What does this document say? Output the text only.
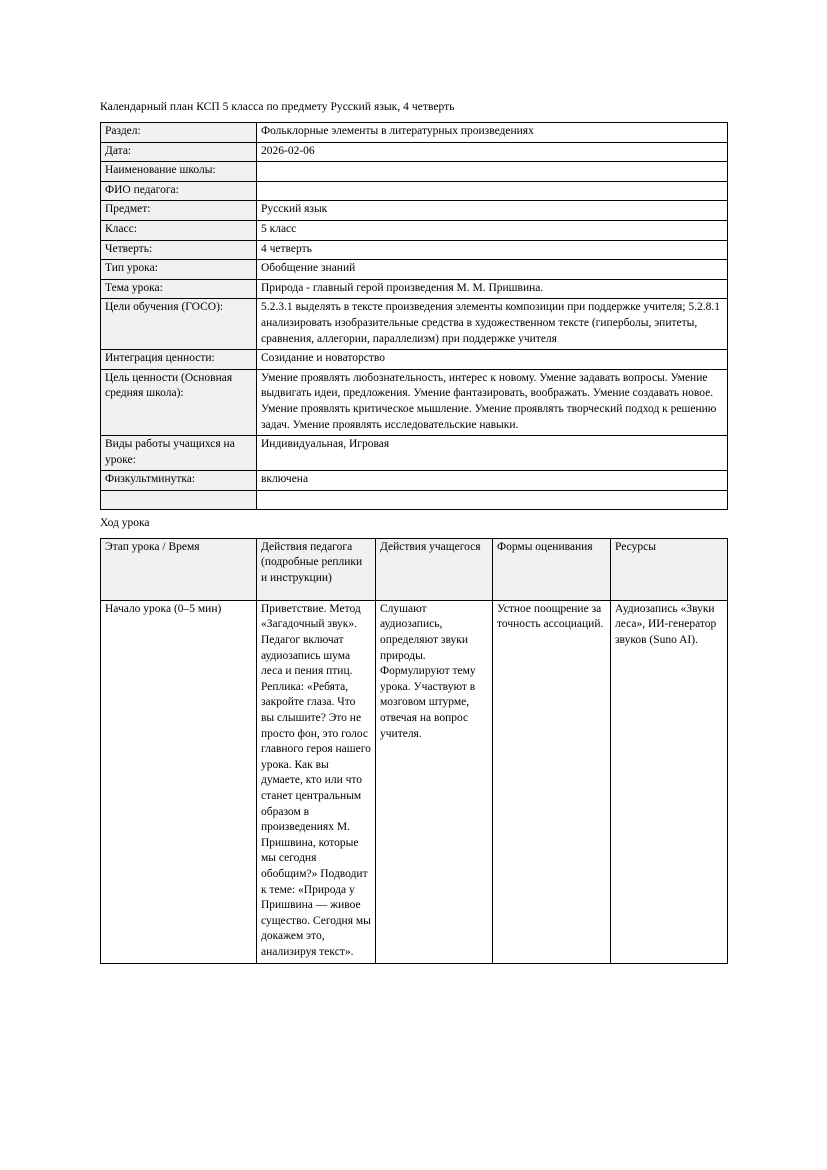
Календарный план КСП 5 класса по предмету Русский язык, 4 четверть
Раздел:	Фольклорные элементы в литературных произведениях
Дата:	2026-02-06
Наименование школы:	
ФИО педагога:	
Предмет:	Русский язык
Класс:	5 класс
Четверть:	4 четверть
Тип урока:	Обобщение знаний
Тема урока:	Природа - главный герой произведения М. М. Пришвина.
Цели обучения (ГОСО):	5.2.3.1 выделять в тексте произведения элементы композиции при поддержке учителя; 5.2.8.1 анализировать изобразительные средства в художественном тексте (гиперболы, эпитеты, сравнения, аллегории, параллелизм) при поддержке учителя
Интеграция ценности:	Созидание и новаторство
Цель ценности (Основная средняя школа):	Умение проявлять любознательность, интерес к новому. Умение задавать вопросы. Умение выдвигать идеи, предложения. Умение фантазировать, воображать. Умение создавать новое. Умение проявлять критическое мышление. Умение проявлять творческий подход к решению задач. Умение проявлять исследовательские навыки.
Виды работы учащихся на уроке:	Индивидуальная, Игровая
Физкультминутка:	включена

Ход урока
Этап урока / Время	Действия педагога (подробные реплики и инструкции)	Действия учащегося	Формы оценивания	Ресурсы
Начало урока (0–5 мин)	Приветствие. Метод «Загадочный звук». Педагог включат аудиозапись шума леса и пения птиц. Реплика: «Ребята, закройте глаза. Что вы слышите? Это не просто фон, это голос главного героя нашего урока. Как вы думаете, кто или что станет центральным образом в произведениях М. Пришвина, которые мы сегодня обобщим?» Подводит к теме: «Природа у Пришвина — живое существо. Сегодня мы докажем это, анализируя текст».	Слушают аудиозапись, определяют звуки природы. Формулируют тему урока. Участвуют в мозговом штурме, отвечая на вопрос учителя.	Устное поощрение за точность ассоциаций.	Аудиозапись «Звуки леса», ИИ-генератор звуков (Suno AI).
